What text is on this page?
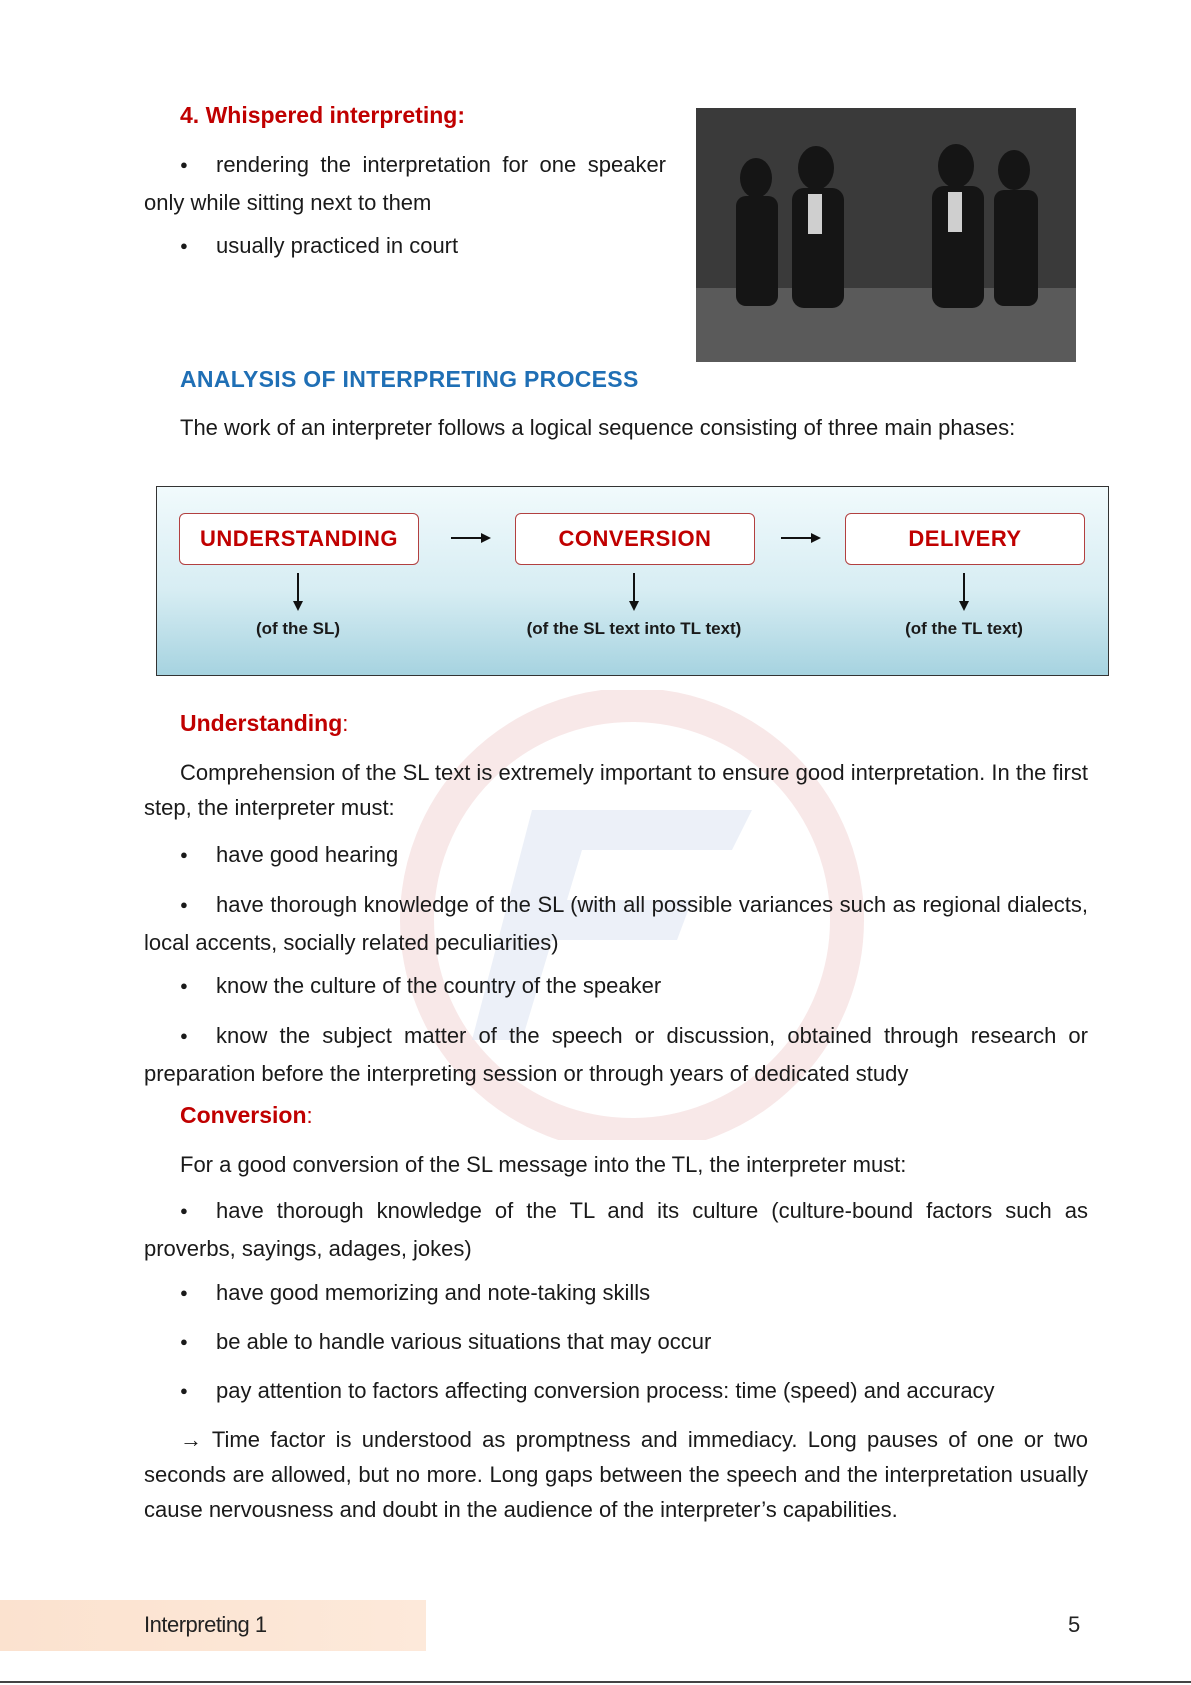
4. Whispered interpreting:
●rendering the interpretation for one speaker only while sitting next to them
●usually practiced in court
ANALYSIS OF INTERPRETING PROCESS
The work of an interpreter follows a logical sequence consisting of three main phases:
UNDERSTANDING	CONVERSION	DELIVERY
(of the SL)	(of the SL text into TL text)	(of the TL text)
Understanding:
Comprehension of the SL text is extremely important to ensure good interpretation. In the first step, the interpreter must:
●have good hearing
●have thorough knowledge of the SL (with all possible variances such as regional dialects, local accents, socially related peculiarities)
●know the culture of the country of the speaker
●know the subject matter of the speech or discussion, obtained through research or preparation before the interpreting session or through years of dedicated study
Conversion:
For a good conversion of the SL message into the TL, the interpreter must:
●have thorough knowledge of the TL and its culture (culture-bound factors such as proverbs, sayings, adages, jokes)
●have good memorizing and note-taking skills
●be able to handle various situations that may occur
●pay attention to factors affecting conversion process: time (speed) and accuracy
→ Time factor is understood as promptness and immediacy. Long pauses of one or two seconds are allowed, but no more. Long gaps between the speech and the interpretation usually cause nervousness and doubt in the audience of the interpreter’s capabilities.
Interpreting 1	5
